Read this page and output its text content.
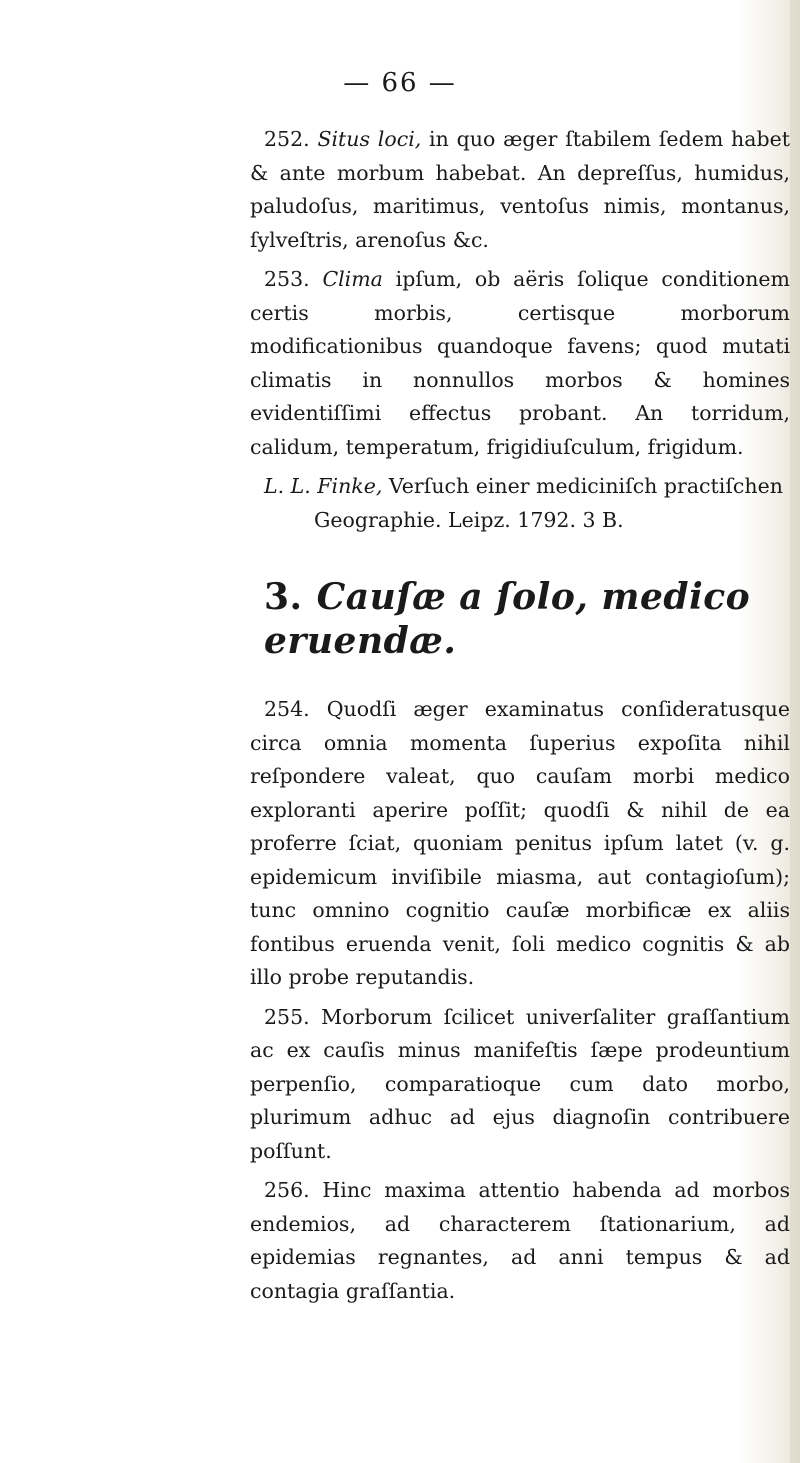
— 66 —

252. Situs loci, in quo æger ſtabilem ſedem habet & ante morbum habebat. An depreſſus, humidus, paludoſus, maritimus, ventoſus nimis, montanus, ſylveſtris, arenoſus &c.

253. Clima ipſum, ob aëris ſolique conditionem certis morbis, certisque morborum modificationibus quandoque favens; quod mutati climatis in nonnullos morbos & homines evidentiſſimi effectus probant. An torridum, calidum, temperatum, frigidiuſculum, frigidum.

L. L. Finke, Verſuch einer mediciniſch practiſchen
Geographie. Leipz. 1792. 3 B.

3. Cauſæ a ſolo, medico eruendæ.

254. Quodſi æger examinatus conſideratusque circa omnia momenta ſuperius expoſita nihil reſpondere valeat, quo cauſam morbi medico exploranti aperire poſſit; quodſi & nihil de ea proferre ſciat, quoniam penitus ipſum latet (v. g. epidemicum inviſibile miasma, aut contagioſum); tunc omnino cognitio cauſæ morbificæ ex aliis fontibus eruenda venit, ſoli medico cognitis & ab illo probe reputandis.

255. Morborum ſcilicet univerſaliter graſſantium ac ex cauſis minus manifeſtis ſæpe prodeuntium perpenſio, comparatioque cum dato morbo, plurimum adhuc ad ejus diagnoſin contribuere poſſunt.

256. Hinc maxima attentio habenda ad morbos endemios, ad characterem ſtationarium, ad epidemias regnantes, ad anni tempus & ad contagia graſſantia.
